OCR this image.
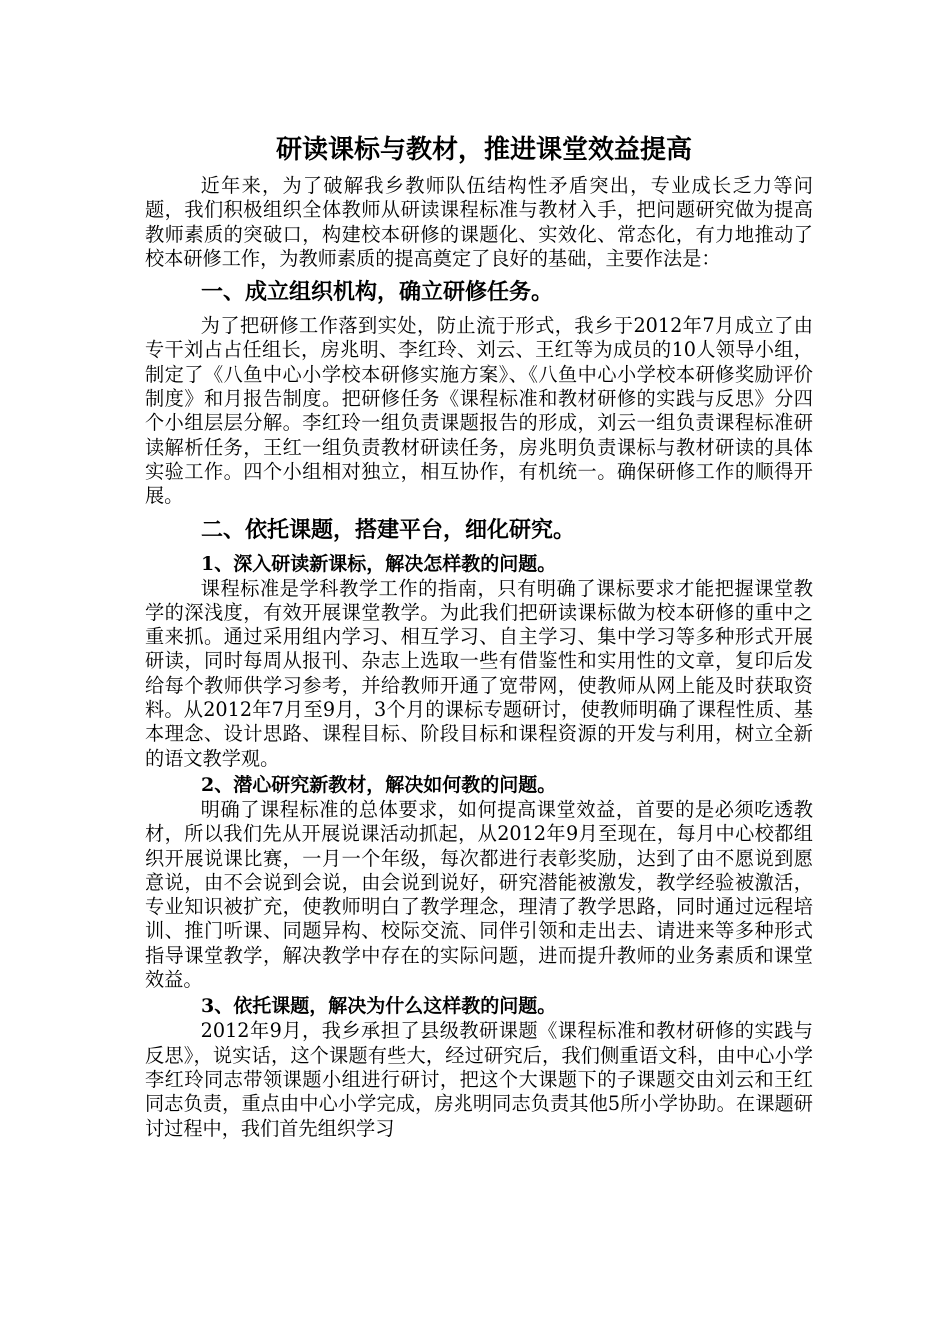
研读课标与教材，推进课堂效益提高

近年来，为了破解我乡教师队伍结构性矛盾突出，专业成长乏力等问题，我们积极组织全体教师从研读课程标准与教材入手，把问题研究做为提高教师素质的突破口，构建校本研修的课题化、实效化、常态化，有力地推动了校本研修工作，为教师素质的提高奠定了良好的基础，主要作法是：

一、成立组织机构，确立研修任务。

为了把研修工作落到实处，防止流于形式，我乡于2012年7月成立了由专干刘占占任组长，房兆明、李红玲、刘云、王红等为成员的10人领导小组，制定了《八鱼中心小学校本研修实施方案》、《八鱼中心小学校本研修奖励评价制度》和月报告制度。把研修任务《课程标准和教材研修的实践与反思》分四个小组层层分解。李红玲一组负责课题报告的形成，刘云一组负责课程标准研读解析任务，王红一组负责教材研读任务，房兆明负责课标与教材研读的具体实验工作。四个小组相对独立，相互协作，有机统一。确保研修工作的顺得开展。

二、依托课题，搭建平台，细化研究。
1、深入研读新课标，解决怎样教的问题。

课程标准是学科教学工作的指南，只有明确了课标要求才能把握课堂教学的深浅度，有效开展课堂教学。为此我们把研读课标做为校本研修的重中之重来抓。通过采用组内学习、相互学习、自主学习、集中学习等多种形式开展研读，同时每周从报刊、杂志上选取一些有借鉴性和实用性的文章，复印后发给每个教师供学习参考，并给教师开通了宽带网，使教师从网上能及时获取资料。从2012年7月至9月，3个月的课标专题研讨，使教师明确了课程性质、基本理念、设计思路、课程目标、阶段目标和课程资源的开发与利用，树立全新的语文教学观。

2、潜心研究新教材，解决如何教的问题。

明确了课程标准的总体要求，如何提高课堂效益，首要的是必须吃透教材，所以我们先从开展说课活动抓起，从2012年9月至现在，每月中心校都组织开展说课比赛，一月一个年级，每次都进行表彰奖励，达到了由不愿说到愿意说，由不会说到会说，由会说到说好，研究潜能被激发，教学经验被激活，专业知识被扩充，使教师明白了教学理念，理清了教学思路，同时通过远程培训、推门听课、同题异构、校际交流、同伴引领和走出去、请进来等多种形式指导课堂教学，解决教学中存在的实际问题，进而提升教师的业务素质和课堂效益。

3、依托课题，解决为什么这样教的问题。

2012年9月，我乡承担了县级教研课题《课程标准和教材研修的实践与反思》，说实话，这个课题有些大，经过研究后，我们侧重语文科，由中心小学李红玲同志带领课题小组进行研讨，把这个大课题下的子课题交由刘云和王红同志负责，重点由中心小学完成，房兆明同志负责其他5所小学协助。在课题研讨过程中，我们首先组织学习
